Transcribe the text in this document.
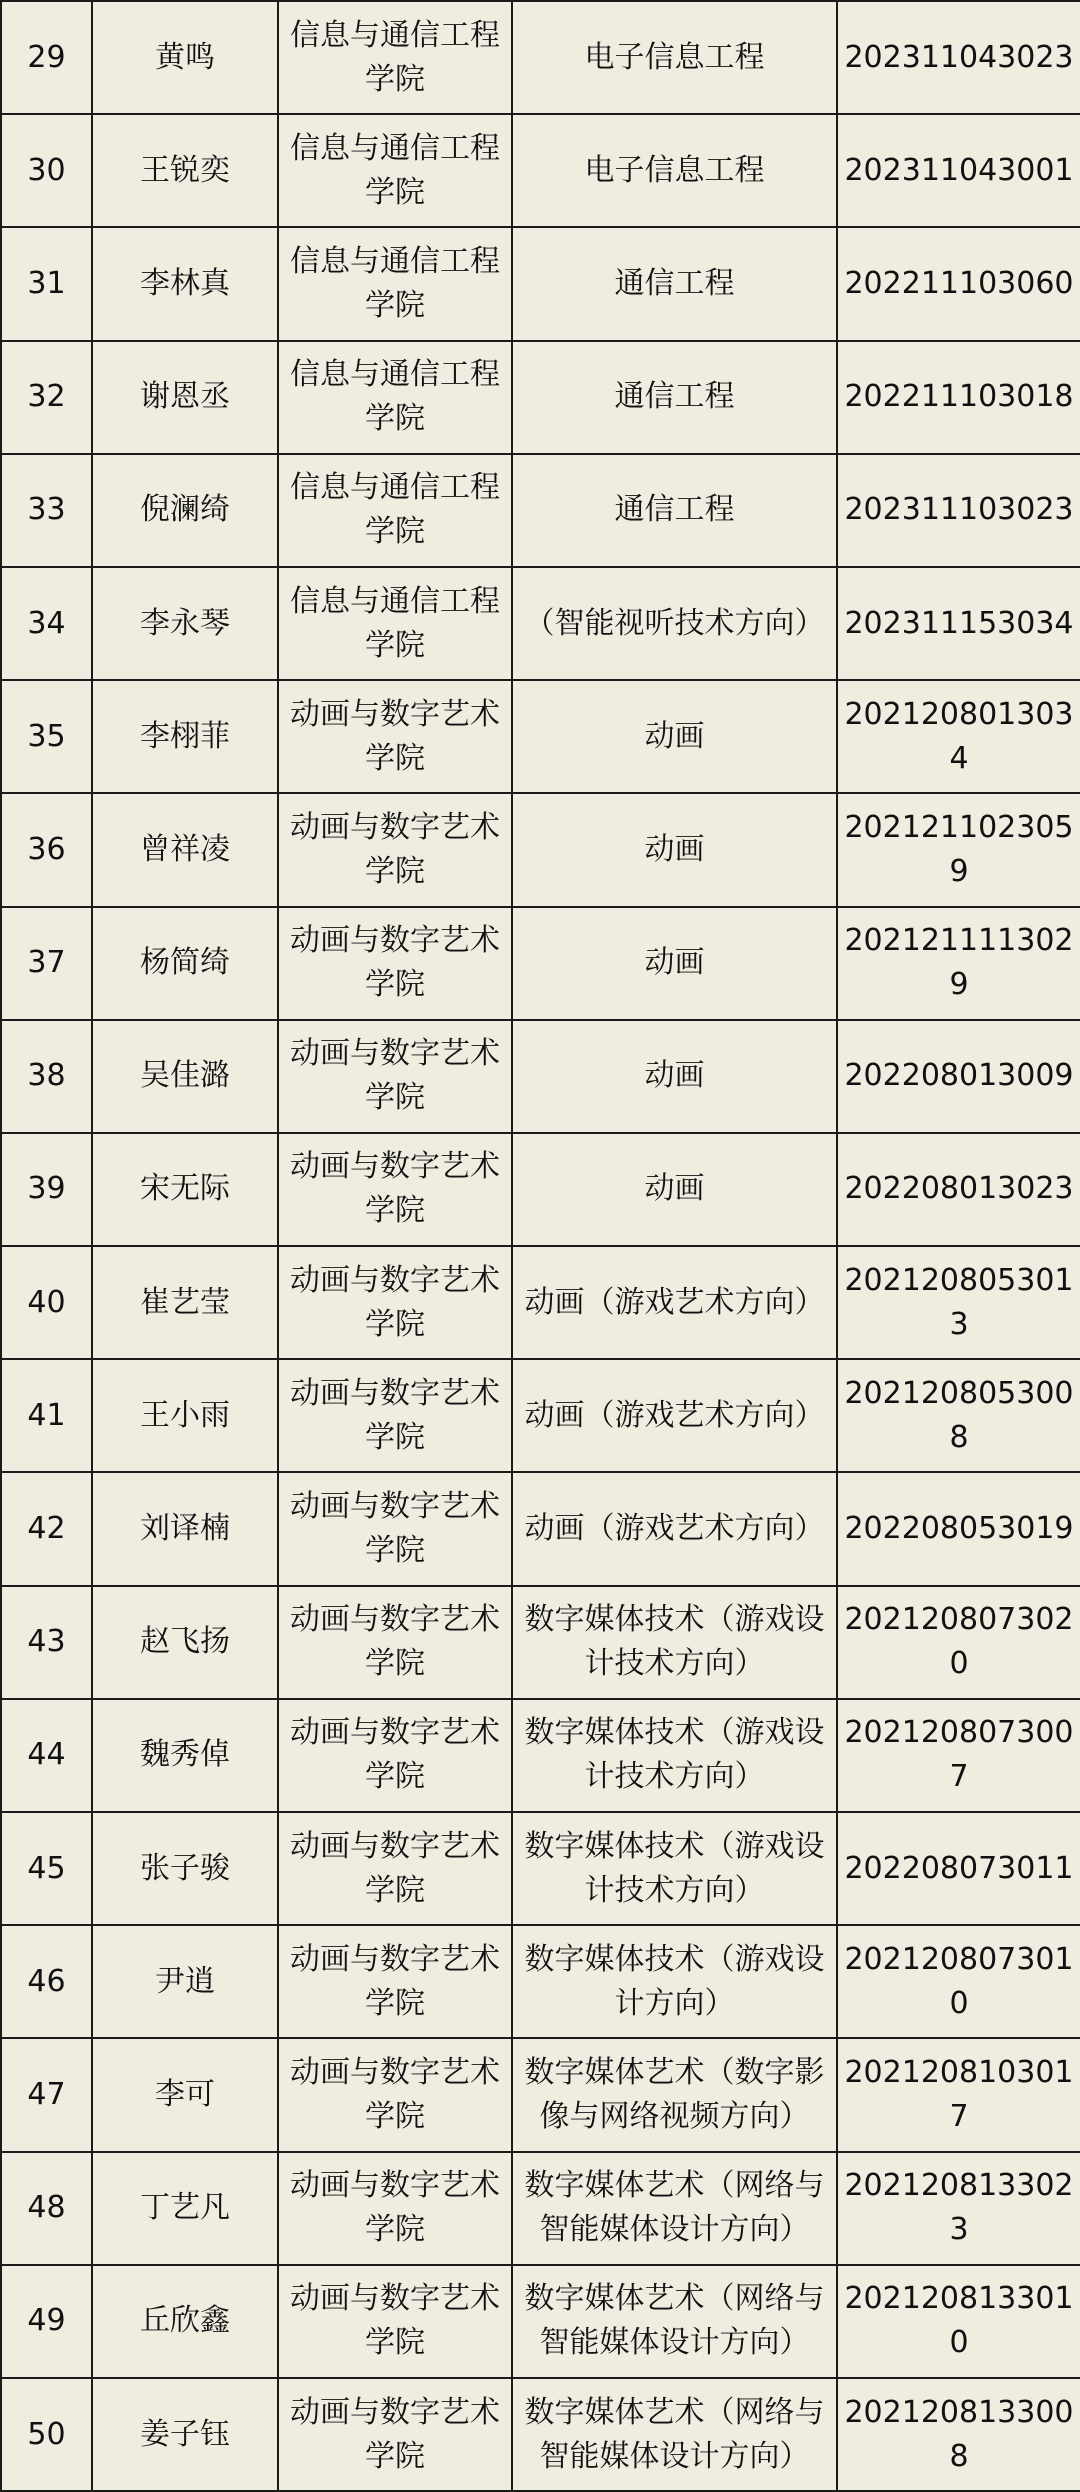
29	黄鸣	信息与通信工程学院	电子信息工程	202311043023
30	王锐奕	信息与通信工程学院	电子信息工程	202311043001
31	李林真	信息与通信工程学院	通信工程	202211103060
32	谢恩丞	信息与通信工程学院	通信工程	202211103018
33	倪澜绮	信息与通信工程学院	通信工程	202311103023
34	李永琴	信息与通信工程学院	（智能视听技术方向）	202311153034
35	李栩菲	动画与数字艺术学院	动画	2021208013034
36	曾祥凌	动画与数字艺术学院	动画	2021211023059
37	杨简绮	动画与数字艺术学院	动画	2021211113029
38	吴佳潞	动画与数字艺术学院	动画	202208013009
39	宋无际	动画与数字艺术学院	动画	202208013023
40	崔艺莹	动画与数字艺术学院	动画（游戏艺术方向）	2021208053013
41	王小雨	动画与数字艺术学院	动画（游戏艺术方向）	2021208053008
42	刘译楠	动画与数字艺术学院	动画（游戏艺术方向）	202208053019
43	赵飞扬	动画与数字艺术学院	数字媒体技术（游戏设计技术方向）	2021208073020
44	魏秀倬	动画与数字艺术学院	数字媒体技术（游戏设计技术方向）	2021208073007
45	张子骏	动画与数字艺术学院	数字媒体技术（游戏设计技术方向）	202208073011
46	尹逍	动画与数字艺术学院	数字媒体技术（游戏设计方向）	2021208073010
47	李可	动画与数字艺术学院	数字媒体艺术（数字影像与网络视频方向）	2021208103017
48	丁艺凡	动画与数字艺术学院	数字媒体艺术（网络与智能媒体设计方向）	2021208133023
49	丘欣鑫	动画与数字艺术学院	数字媒体艺术（网络与智能媒体设计方向）	2021208133010
50	姜子钰	动画与数字艺术学院	数字媒体艺术（网络与智能媒体设计方向）	2021208133008
